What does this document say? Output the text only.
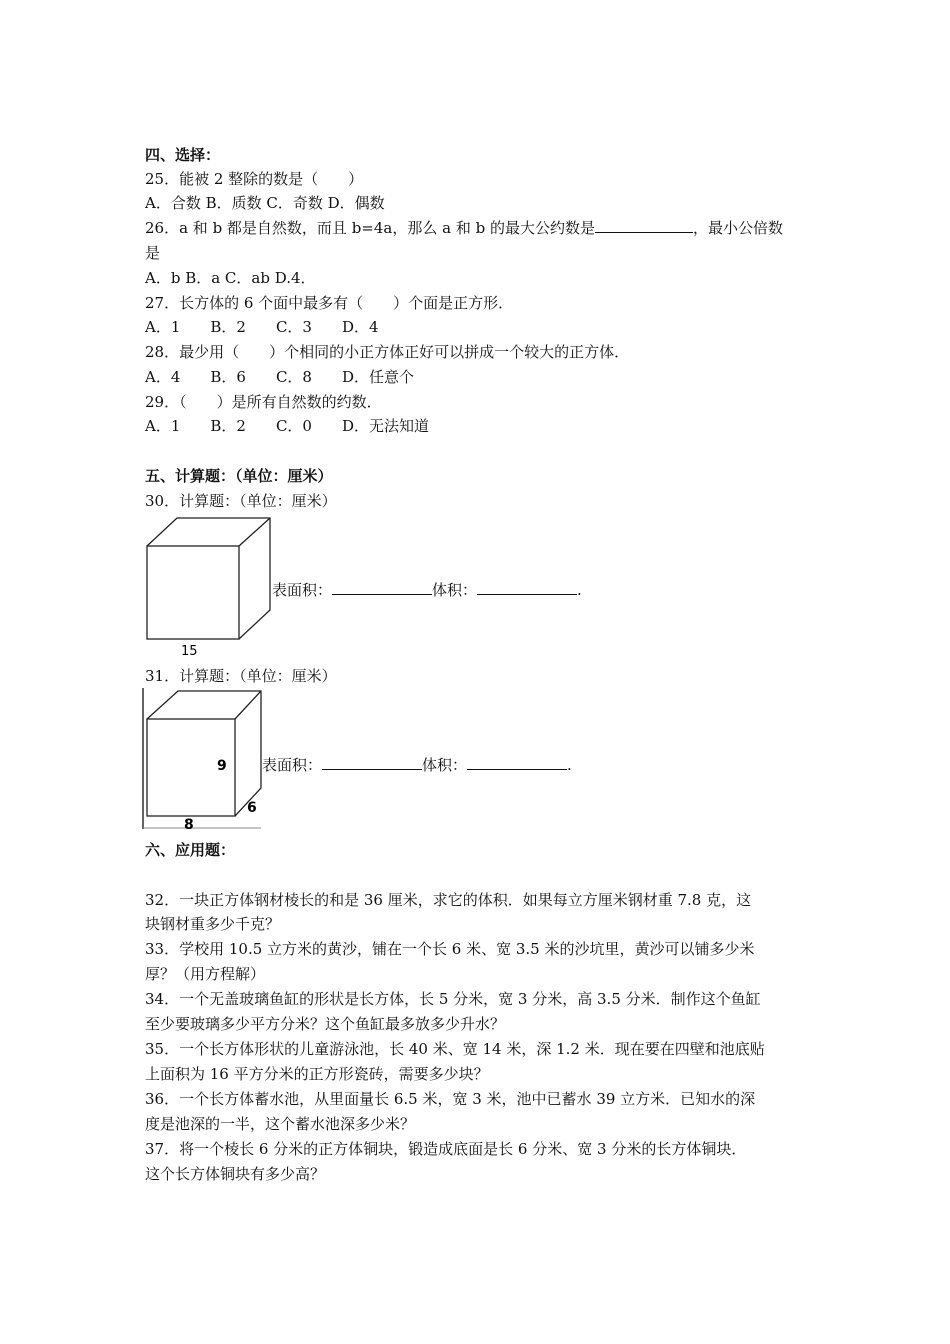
四、选择：
25．能被 2 整除的数是（　　）
A．合数 B．质数 C．奇数 D．偶数
26．a 和 b 都是自然数，而且 b=4a，那么 a 和 b 的最大公约数是	，最小公倍数
是
A．b B．a C．ab D.4．
27．长方体的 6 个面中最多有（　　）个面是正方形．
A．1　　B．2　　C．3　　D．4
28．最少用（　　）个相同的小正方体正好可以拼成一个较大的正方体．
A．4　　B．6　　C．8　　D．任意个
29．（　　）是所有自然数的约数．
A．1　　B．2　　C．0　　D．无法知道
五、计算题：（单位：厘米）
30．计算题：（单位：厘米）
15
表面积：	体积：	.
31．计算题：（单位：厘米）
9
6
8
表面积：	体积：	.
六、应用题：
32．一块正方体钢材棱长的和是 36 厘米，求它的体积．如果每立方厘米钢材重 7.8 克，这
块钢材重多少千克？
33．学校用 10.5 立方米的黄沙，铺在一个长 6 米、宽 3.5 米的沙坑里，黄沙可以铺多少米
厚？（用方程解）
34．一个无盖玻璃鱼缸的形状是长方体，长 5 分米，宽 3 分米，高 3.5 分米．制作这个鱼缸
至少要玻璃多少平方分米？这个鱼缸最多放多少升水？
35．一个长方体形状的儿童游泳池，长 40 米、宽 14 米，深 1.2 米．现在要在四壁和池底贴
上面积为 16 平方分米的正方形瓷砖，需要多少块？
36．一个长方体蓄水池，从里面量长 6.5 米，宽 3 米，池中已蓄水 39 立方米．已知水的深
度是池深的一半，这个蓄水池深多少米？
37．将一个棱长 6 分米的正方体铜块，锻造成底面是长 6 分米、宽 3 分米的长方体铜块．
这个长方体铜块有多少高？
